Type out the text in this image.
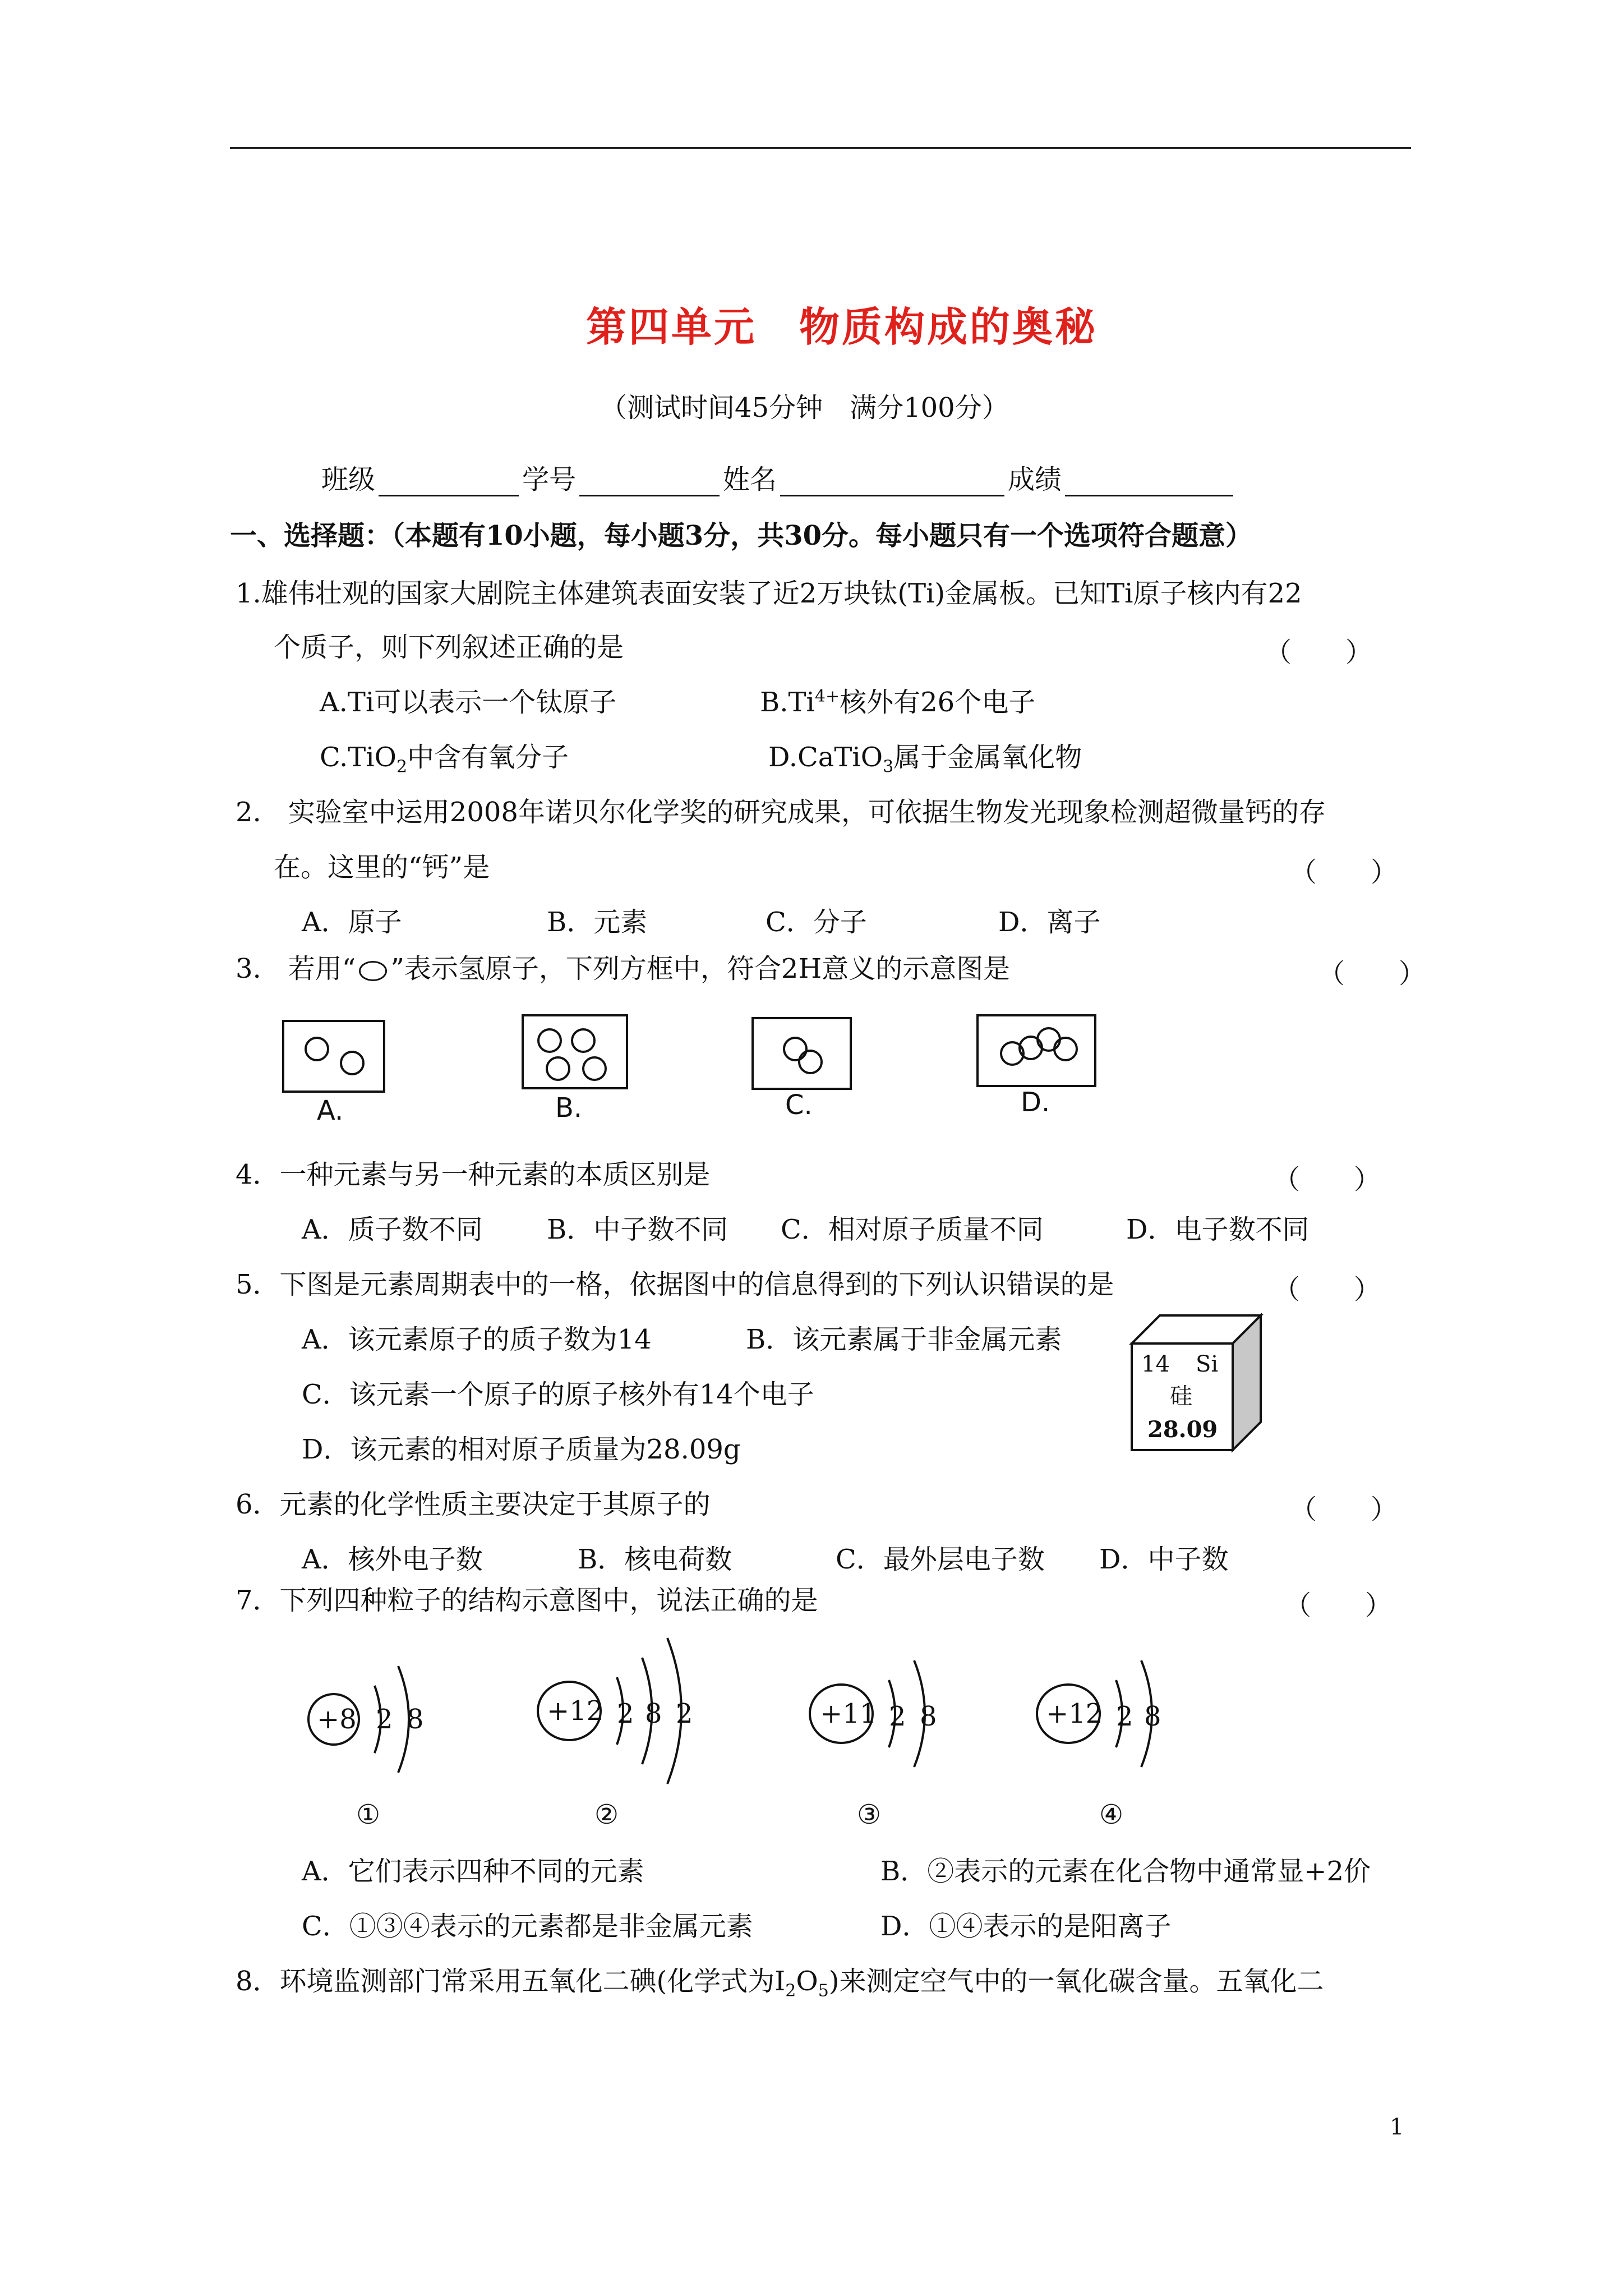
第四单元　物质构成的奥秘
（测试时间45分钟　满分100分）
班级	学号	姓名	成绩
一、选择题：（本题有10小题，每小题3分，共30分。每小题只有一个选项符合题意）
1.雄伟壮观的国家大剧院主体建筑表面安装了近2万块钛(Ti)金属板。已知Ti原子核内有22
个质子，则下列叙述正确的是	（　　）
A.Ti可以表示一个钛原子	$B.Ti^{4+}$核外有26个电子
C.TiO$_2$中含有氧分子	D.CaTiO$_3$属于金属氧化物
2.　实验室中运用2008年诺贝尔化学奖的研究成果，可依据生物发光现象检测超微量钙的存
在。这里的“钙”是	（　　）
A．原子	B．元素	C．分子	D．离子
3.　若用“ ”表示氢原子，下列方框中，符合2H意义的示意图是	（　　）
A.	B.	C.	D.
4．一种元素与另一种元素的本质区别是	（　　）
A．质子数不同 B．中子数不同 C．相对原子质量不同	D．电子数不同
5．下图是元素周期表中的一格，依据图中的信息得到的下列认识错误的是	（　　）
A．该元素原子的质子数为14	B．该元素属于非金属元素
C．该元素一个原子的原子核外有14个电子
D．该元素的相对原子质量为28.09g
14 Si
硅
28.09
6．元素的化学性质主要决定于其原子的	（　　）
A．核外电子数	B．核电荷数	C．最外层电子数 D．中子数
7．下列四种粒子的结构示意图中，说法正确的是	（　　）
+8 2 8
①
+12 2 8 2
②
+11 2 8
③
+12 2 8
④
A．它们表示四种不同的元素	B．②表示的元素在化合物中通常显+2价
C．①③④表示的元素都是非金属元素	D．①④表示的是阳离子
8．环境监测部门常采用五氧化二碘(化学式为$I_2O_5$)来测定空气中的一氧化碳含量。五氧化二
1
